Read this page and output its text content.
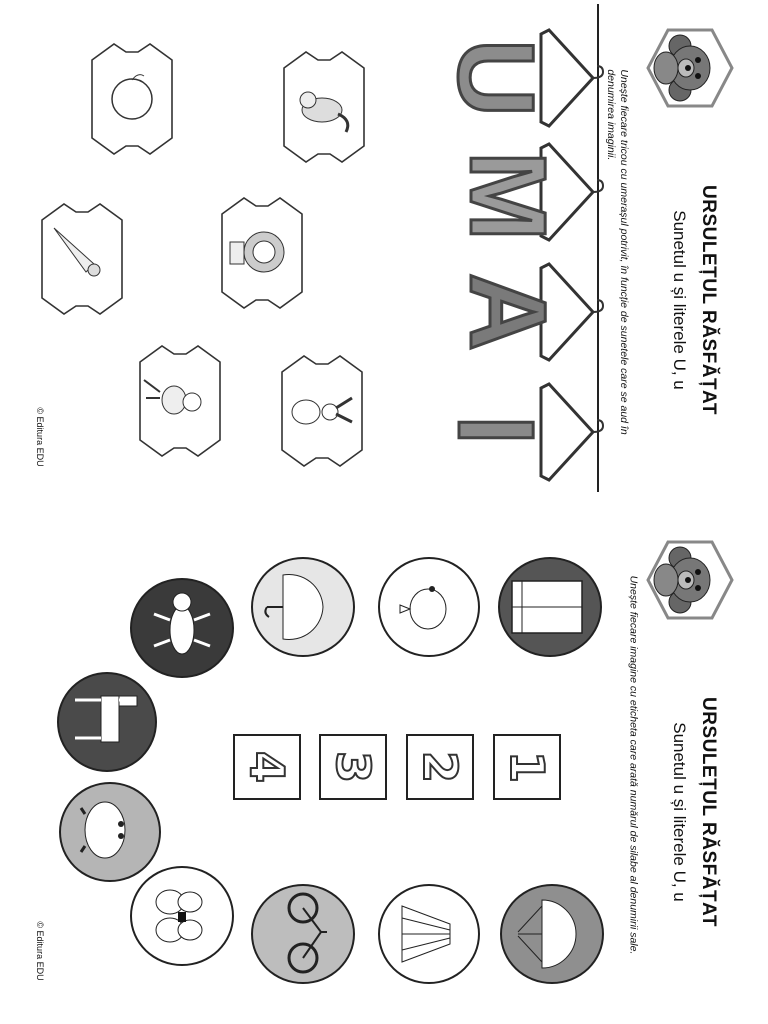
URSULEȚUL RĂSFĂȚAT
Sunetul u și literele U, u
Unește fiecare tricou cu umerașul potrivit, în funcție de sunetele care se aud în
denumirea imaginii.
U
M
A
I
© Editura EDU
URSULEȚUL RĂSFĂȚAT
Sunetul u și literele U, u
Unește fiecare imagine cu eticheta care arată numărul de silabe al denumirii sale.
1
2
3
4
© Editura EDU
